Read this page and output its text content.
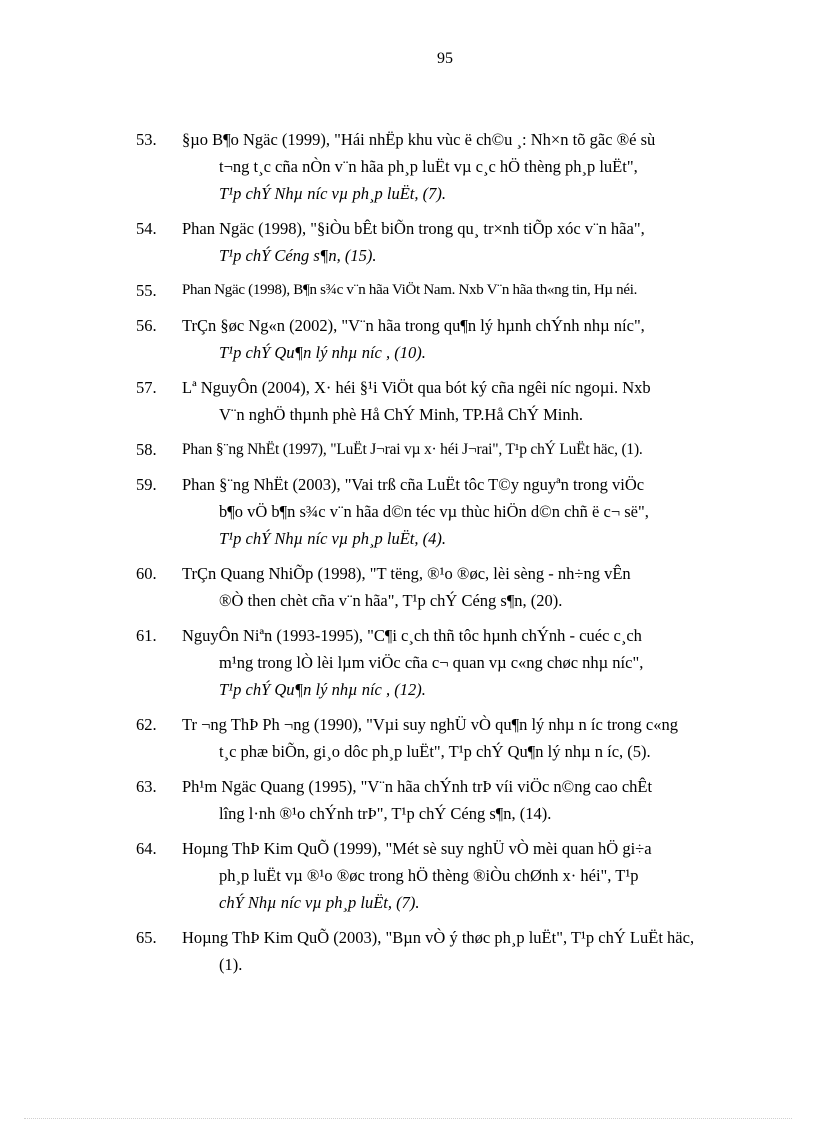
95
53. §µo B¶o Ngäc (1999), "Hái nhËp khu vùc ë ch©u ¸: Nh×n tõ gãc ®é sù
t¬ng t¸c cña nÒn v¨n hãa ph¸p luËt vµ c¸c hÖ thèng ph¸p luËt",
T¹p chÝ Nhµ níc vµ ph¸p luËt, (7).
54. Phan Ngäc (1998), "§iÒu bÊt biÕn trong qu¸ tr×nh tiÕp xóc v¨n hãa",
T¹p chÝ Céng s¶n, (15).
55. Phan Ngäc (1998), B¶n s¾c v¨n hãa ViÖt Nam. Nxb V¨n hãa th«ng tin, Hµ néi.
56. TrÇn §øc Ng«n (2002), "V¨n hãa trong qu¶n lý hµnh chÝnh nhµ níc",
T¹p chÝ Qu¶n lý nhµ níc , (10).
57. Lª NguyÔn (2004), X· héi §¹i ViÖt qua bót ký cña ngêi níc ngoµi. Nxb
V¨n nghÖ thµnh phè Hå ChÝ Minh, TP.Hå ChÝ Minh.
58. Phan §¨ng NhËt (1997), "LuËt J¬rai vµ x· héi J¬rai", T¹p chÝ LuËt häc, (1).
59. Phan §¨ng NhËt (2003), "Vai trß cña LuËt tôc T©y nguyªn trong viÖc
b¶o vÖ b¶n s¾c v¨n hãa d©n téc vµ thùc hiÖn d©n chñ ë c¬ së",
T¹p chÝ Nhµ níc vµ ph¸p luËt, (4).
60. TrÇn Quang NhiÕp (1998), "T tëng, ®¹o ®øc, lèi sèng - nh÷ng vÊn
®Ò then chèt cña v¨n hãa", T¹p chÝ Céng s¶n, (20).
61. NguyÔn Niªn (1993-1995), "C¶i c¸ch thñ tôc hµnh chÝnh - cuéc c¸ch
m¹ng trong lÒ lèi lµm viÖc cña c¬ quan vµ c«ng chøc nhµ níc",
T¹p chÝ Qu¶n lý nhµ níc , (12).
62. Tr ¬ng ThÞ Ph ¬ng (1990), "Vµi suy nghÜ vÒ qu¶n lý nhµ n íc trong c«ng
t¸c phæ biÕn, gi¸o dôc ph¸p luËt", T¹p chÝ Qu¶n lý nhµ n íc, (5).
63. Ph¹m Ngäc Quang (1995), "V¨n hãa chÝnh trÞ víi viÖc n©ng cao chÊt
lîng l·nh ®¹o chÝnh trÞ", T¹p chÝ Céng s¶n, (14).
64. Hoµng ThÞ Kim QuÕ (1999), "Mét sè suy nghÜ vÒ mèi quan hÖ gi÷a
ph¸p luËt vµ ®¹o ®øc trong hÖ thèng ®iÒu chØnh x· héi", T¹p
chÝ Nhµ níc vµ ph¸p luËt, (7).
65. Hoµng ThÞ Kim QuÕ (2003), "Bµn vÒ ý thøc ph¸p luËt", T¹p chÝ LuËt häc,
(1).
